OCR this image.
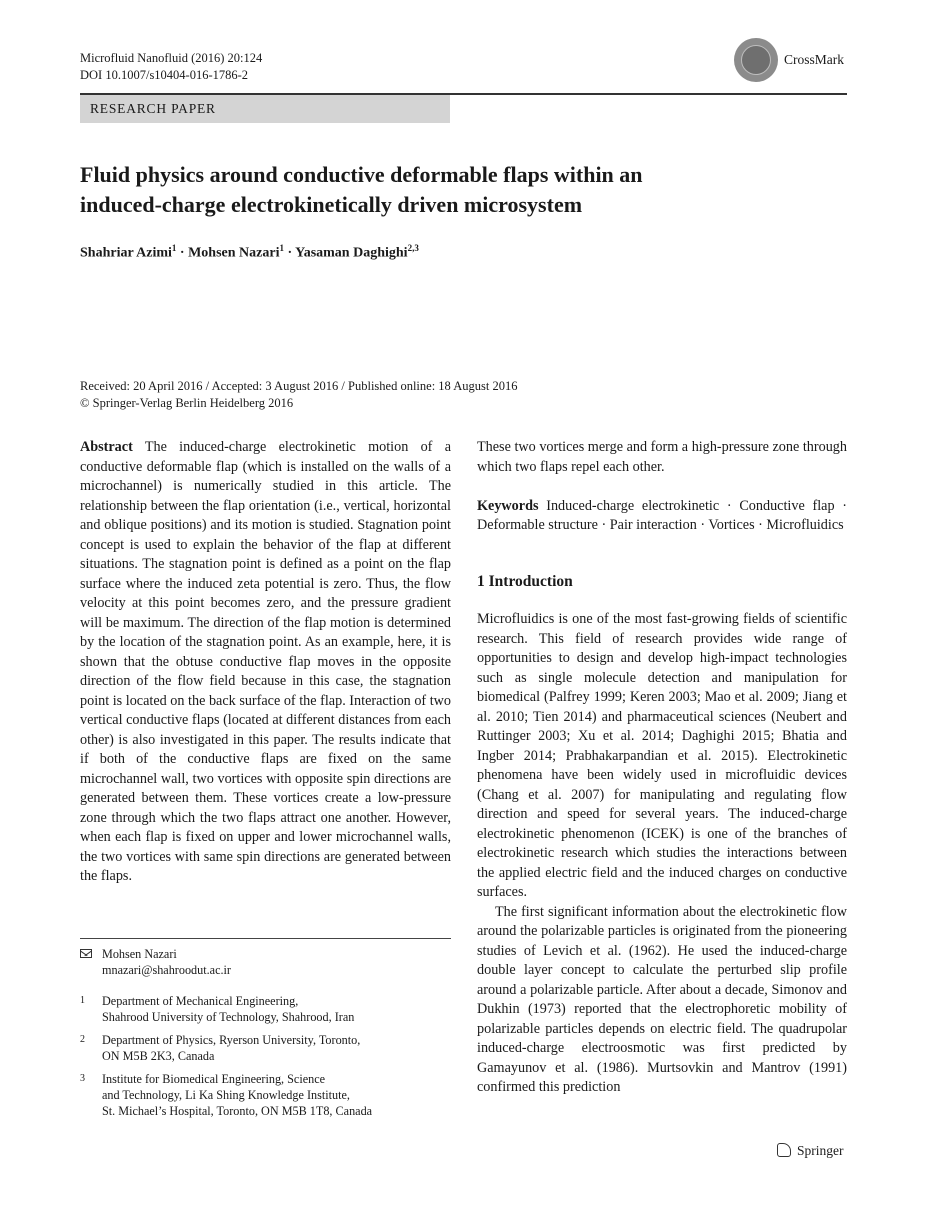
Microfluid Nanofluid (2016) 20:124
DOI 10.1007/s10404-016-1786-2
CrossMark
RESEARCH PAPER
Fluid physics around conductive deformable flaps within an
induced-charge electrokinetically driven microsystem
Shahriar Azimi$^1$ · Mohsen Nazari$^1$ · Yasaman Daghighi$^{2,3}$
Received: 20 April 2016 / Accepted: 3 August 2016 / Published online: 18 August 2016
© Springer-Verlag Berlin Heidelberg 2016

Abstract The induced-charge electrokinetic motion of a conductive deformable flap (which is installed on the walls of a microchannel) is numerically studied in this article. The relationship between the flap orientation (i.e., vertical, horizontal and oblique positions) and its motion is studied. Stagnation point concept is used to explain the behavior of the flap at different situations. The stagnation point is defined as a point on the flap surface where the induced zeta potential is zero. Thus, the flow velocity at this point becomes zero, and the pressure gradient will be maximum. The direction of the flap motion is determined by the location of the stagnation point. As an example, here, it is shown that the obtuse conductive flap moves in the opposite direction of the flow field because in this case, the stagnation point is located on the back surface of the flap. Interaction of two vertical conductive flaps (located at different distances from each other) is also investigated in this paper. The results indicate that if both of the conductive flaps are fixed on the same microchannel wall, two vortices with opposite spin directions are generated between them. These vortices create a low-pressure zone through which the two flaps attract one another. However, when each flap is fixed on upper and lower microchannel walls, the two vortices with same spin directions are generated between the flaps.

Mohsen Nazari
mnazari@shahroodut.ac.ir
1 Department of Mechanical Engineering,
Shahrood University of Technology, Shahrood, Iran
2 Department of Physics, Ryerson University, Toronto,
ON M5B 2K3, Canada
3 Institute for Biomedical Engineering, Science
and Technology, Li Ka Shing Knowledge Institute,
St. Michael’s Hospital, Toronto, ON M5B 1T8, Canada

These two vortices merge and form a high-pressure zone through which two flaps repel each other.

Keywords Induced-charge electrokinetic · Conductive flap · Deformable structure · Pair interaction · Vortices · Microfluidics

1 Introduction

Microfluidics is one of the most fast-growing fields of scientific research. This field of research provides wide range of opportunities to design and develop high-impact technologies such as single molecule detection and manipulation for biomedical (Palfrey 1999; Keren 2003; Mao et al. 2009; Jiang et al. 2010; Tien 2014) and pharmaceutical sciences (Neubert and Ruttinger 2003; Xu et al. 2014; Daghighi 2015; Bhatia and Ingber 2014; Prabhakarpandian et al. 2015). Electrokinetic phenomena have been widely used in microfluidic devices (Chang et al. 2007) for manipulating and regulating flow direction and speed for several years. The induced-charge electrokinetic phenomenon (ICEK) is one of the branches of electrokinetic research which studies the interactions between the applied electric field and the induced charges on conductive surfaces.

The first significant information about the electrokinetic flow around the polarizable particles is originated from the pioneering studies of Levich et al. (1962). He used the induced-charge double layer concept to calculate the perturbed slip profile around a polarizable particle. After about a decade, Simonov and Dukhin (1973) reported that the electrophoretic mobility of polarizable particles depends on electric field. The quadrupolar induced-charge electroosmotic was first predicted by Gamayunov et al. (1986). Murtsovkin and Mantrov (1991) confirmed this prediction

Springer
